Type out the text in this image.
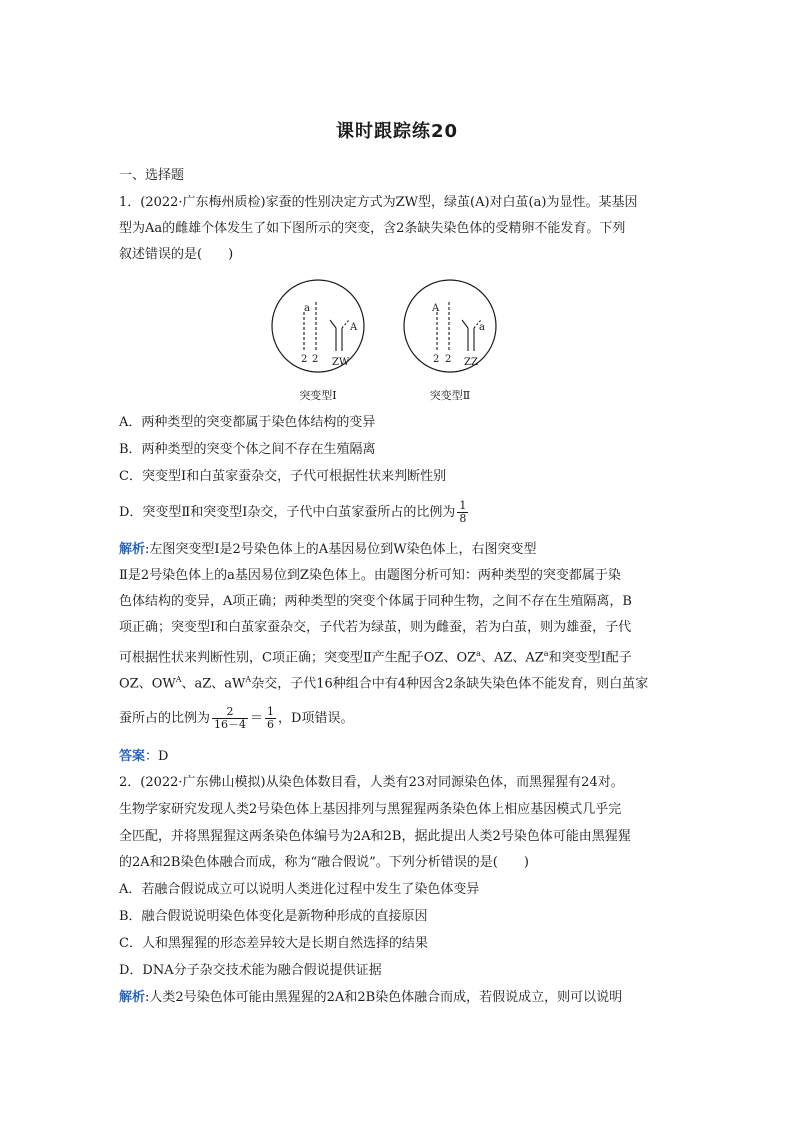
课时跟踪练20
一、选择题
1．(2022·广东梅州质检)家蚕的性别决定方式为ZW型，绿茧(A)对白茧(a)为显性。某基因
型为Aa的雌雄个体发生了如下图所示的突变，含2条缺失染色体的受精卵不能发育。下列
叙述错误的是(　　)
a
A
2 2 ZW
突变型Ⅰ
A
a
2 2 ZZ
突变型Ⅱ
A．两种类型的突变都属于染色体结构的变异
B．两种类型的突变个体之间不存在生殖隔离
C．突变型Ⅰ和白茧家蚕杂交，子代可根据性状来判断性别
D．突变型Ⅱ和突变型Ⅰ杂交，子代中白茧家蚕所占的比例为 $\frac{1}{8}$
解析:左图突变型Ⅰ是2号染色体上的A基因易位到W染色体上，右图突变型
Ⅱ是2号染色体上的a基因易位到Z染色体上。由题图分析可知：两种类型的突变都属于染
色体结构的变异，A项正确；两种类型的突变个体属于同种生物，之间不存在生殖隔离，B
项正确；突变型Ⅰ和白茧家蚕杂交，子代若为绿茧，则为雌蚕，若为白茧，则为雄蚕，子代
可根据性状来判断性别，C项正确；突变型Ⅱ产生配子OZ、$OZ^a$、AZ、$AZ^a$和突变型Ⅰ配子
OZ、$OW^A$、aZ、$aW^A$杂交，子代16种组合中有4种因含2条缺失染色体不能发育，则白茧家
蚕所占的比例为 $\frac{2}{16-4} = \frac{1}{6}$ ，D项错误。
答案：D
2．(2022·广东佛山模拟)从染色体数目看，人类有23对同源染色体，而黑猩猩有24对。
生物学家研究发现人类2号染色体上基因排列与黑猩猩两条染色体上相应基因模式几乎完
全匹配，并将黑猩猩这两条染色体编号为2A和2B，据此提出人类2号染色体可能由黑猩猩
的2A和2B染色体融合而成，称为“融合假说”。下列分析错误的是(　　)
A．若融合假说成立可以说明人类进化过程中发生了染色体变异
B．融合假说说明染色体变化是新物种形成的直接原因
C．人和黑猩猩的形态差异较大是长期自然选择的结果
D．DNA分子杂交技术能为融合假说提供证据
解析:人类2号染色体可能由黑猩猩的2A和2B染色体融合而成，若假说成立，则可以说明
